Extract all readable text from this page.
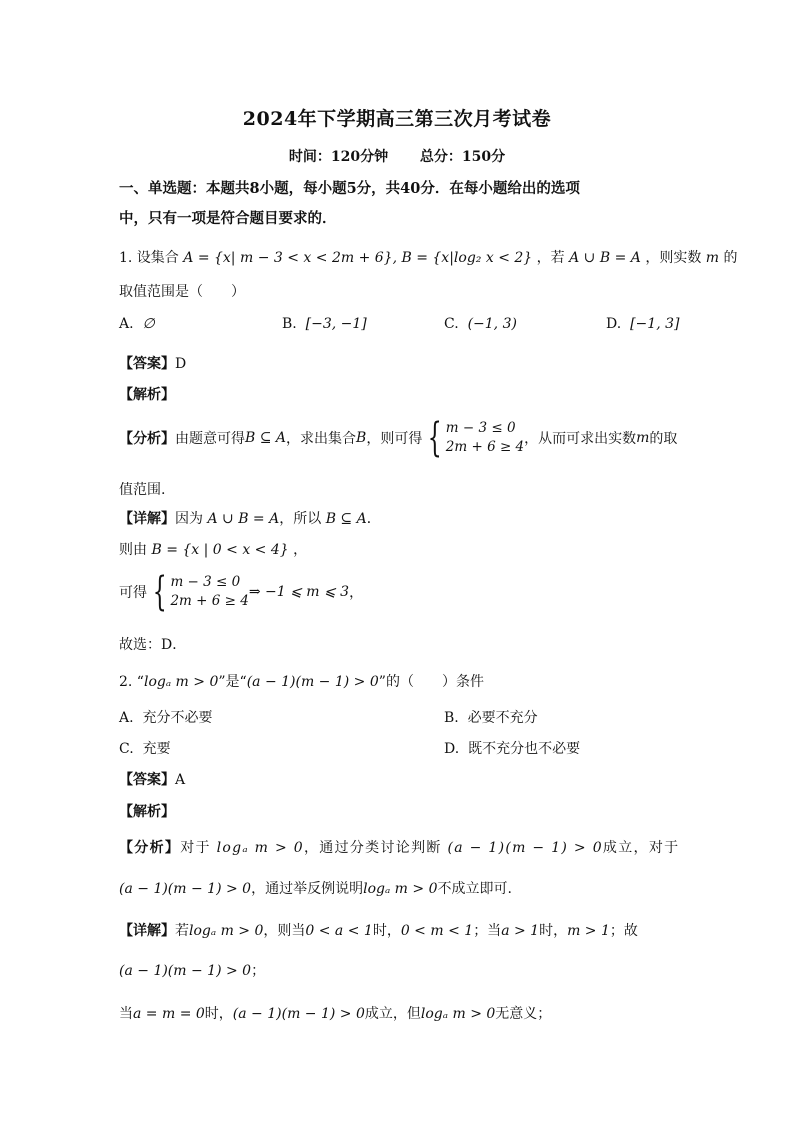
2024年下学期高三第三次月考试卷
时间：120分钟 总分：150分
一、单选题：本题共8小题，每小题5分，共40分．在每小题给出的选项
中，只有一项是符合题目要求的．
1. 设集合 A = {x| m − 3 < x < 2m + 6}, B = {x|log₂ x < 2} ，若 A ∪ B = A ，则实数 m 的
取值范围是（　　）
A. ∅	B. [−3, −1]	C. (−1, 3)	D. [−1, 3]
【答案】D
【解析】
【分析】 由题意可得 B ⊆ A ，求出集合 B ，则可得 { m − 3 ≤ 0
2m + 6 ≥ 4 ，从而可求出实数 m 的取
值范围.
【详解】因为 A ∪ B = A，所以 B ⊆ A．
则由 B = {x | 0 < x < 4} ，
可得 { m − 3 ≤ 0
2m + 6 ≥ 4
⇒ −1 ⩽ m ⩽ 3 ，
故选：D．
2. “logₐ m > 0”是“(a − 1)(m − 1) > 0”的（　　）条件
A. 充分不必要	B. 必要不充分
C. 充要	D. 既不充分也不必要
【答案】A
【解析】
【分析】对于 logₐ m > 0，通过分类讨论判断 (a − 1)(m − 1) > 0成立，对于
(a − 1)(m − 1) > 0，通过举反例说明logₐ m > 0不成立即可.
【详解】若logₐ m > 0，则当0 < a < 1时，0 < m < 1；当a > 1时，m > 1；故
(a − 1)(m − 1) > 0；
当a = m = 0时，(a − 1)(m − 1) > 0成立，但logₐ m > 0无意义；
